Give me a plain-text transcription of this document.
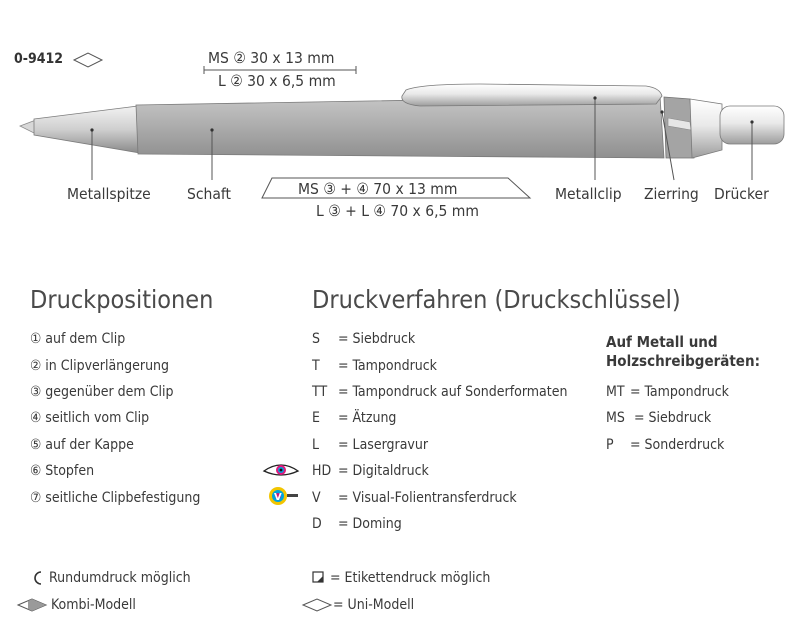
0-9412	MS ② 30 x 13 mm
L ② 30 x 6,5 mm
MS ③ + ④ 70 x 13 mm
L ③ + L ④ 70 x 6,5 mm
Metallspitze Schaft	Metallclip Zierring Drücker
Druckpositionen
① auf dem Clip
② in Clipverlängerung
③ gegenüber dem Clip
④ seitlich vom Clip
⑤ auf der Kappe
⑥ Stopfen
⑦ seitliche Clipbefestigung
Druckverfahren (Druckschlüssel)
S = Siebdruck
T = Tampondruck
TT = Tampondruck auf Sonderformaten
E = Ätzung
L = Lasergravur
HD = Digitaldruck
V = Visual-Folientransferdruck
D = Doming
V
Auf Metall und
Holzschreibgeräten:
MT = Tampondruck
MS = Siebdruck
P = Sonderdruck
Rundumdruck möglich
Kombi-Modell
= Etikettendruck möglich
= Uni-Modell
